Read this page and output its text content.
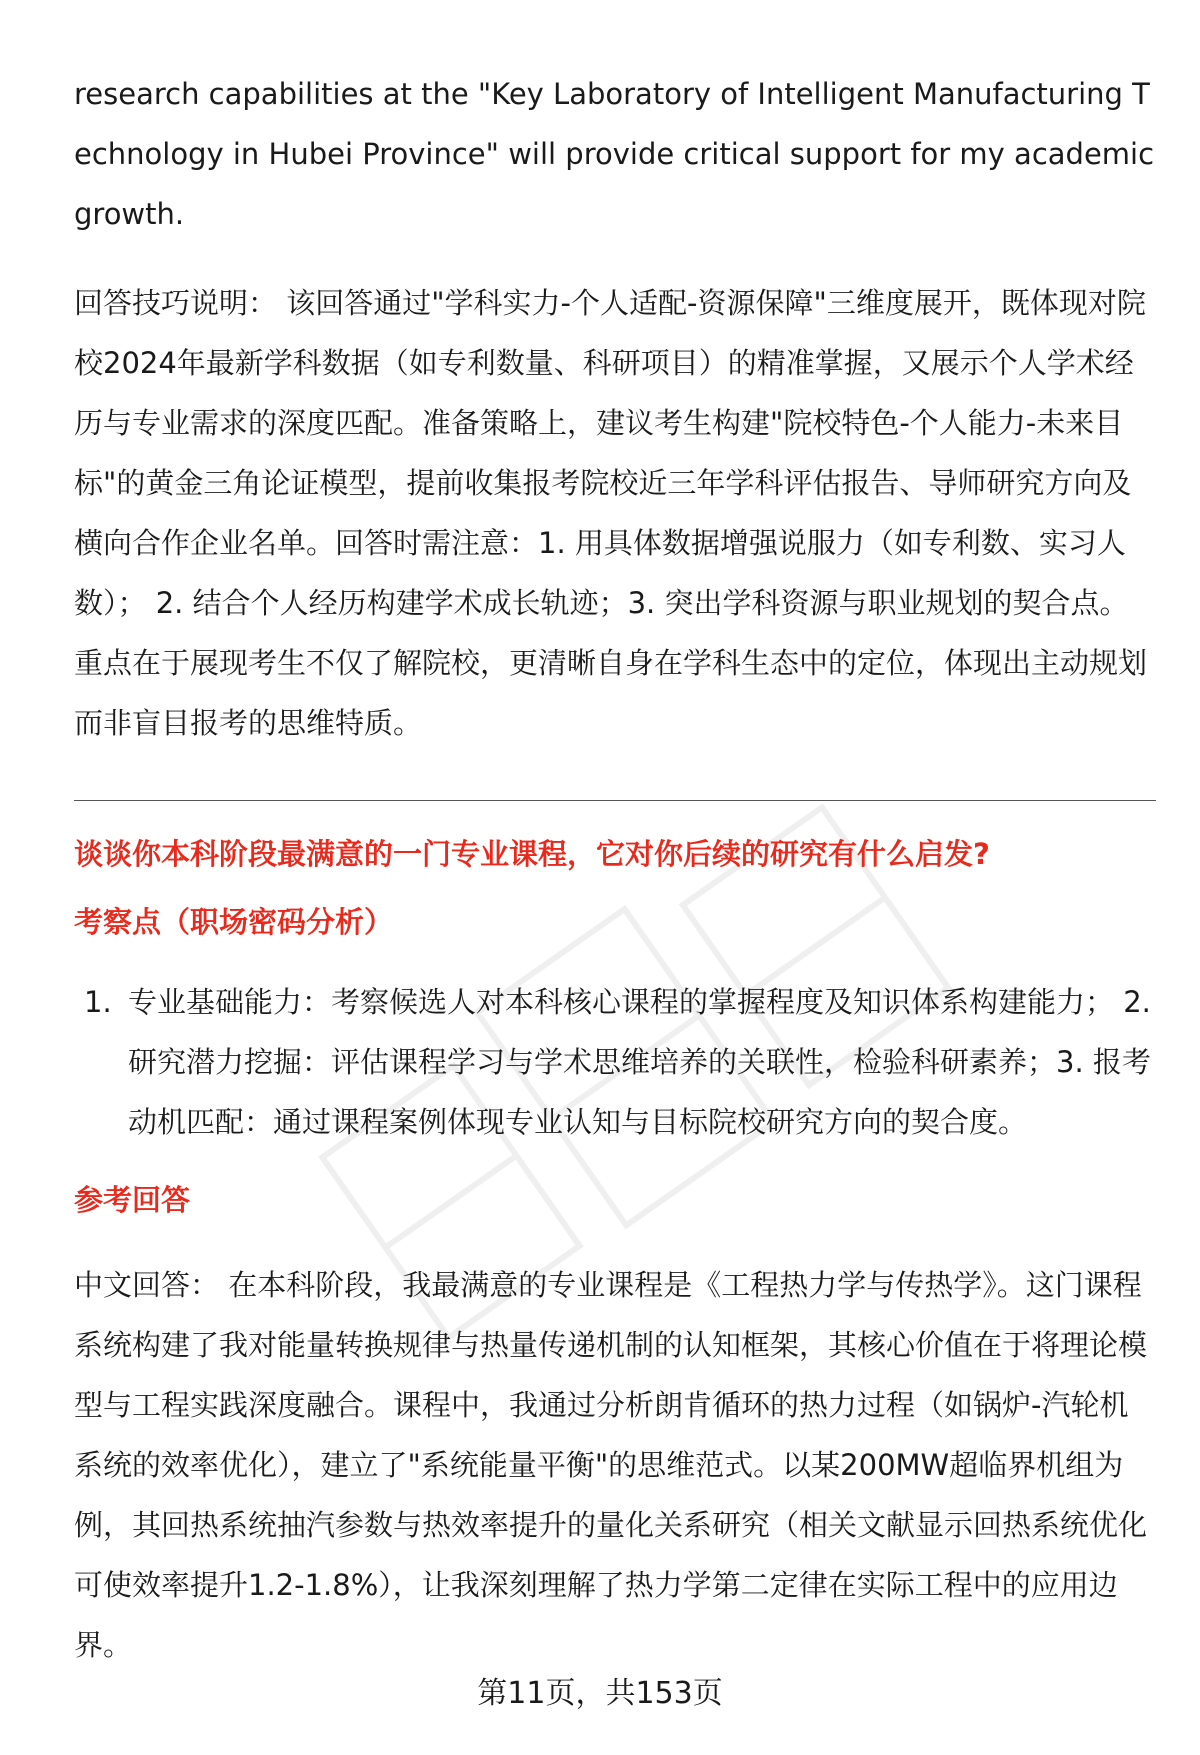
research capabilities at the "Key Laboratory of Intelligent Manufacturing Technology in Hubei Province" will provide critical support for my academic growth.

回答技巧说明： 该回答通过"学科实力-个人适配-资源保障"三维度展开，既体现对院校2024年最新学科数据（如专利数量、科研项目）的精准掌握，又展示个人学术经历与专业需求的深度匹配。准备策略上，建议考生构建"院校特色-个人能力-未来目标"的黄金三角论证模型，提前收集报考院校近三年学科评估报告、导师研究方向及横向合作企业名单。回答时需注意：1. 用具体数据增强说服力（如专利数、实习人数）； 2. 结合个人经历构建学术成长轨迹；3. 突出学科资源与职业规划的契合点。重点在于展现考生不仅了解院校，更清晰自身在学科生态中的定位，体现出主动规划而非盲目报考的思维特质。

谈谈你本科阶段最满意的一门专业课程，它对你后续的研究有什么启发?
考察点（职场密码分析）
1. 专业基础能力：考察候选人对本科核心课程的掌握程度及知识体系构建能力； 2. 研究潜力挖掘：评估课程学习与学术思维培养的关联性，检验科研素养；3. 报考动机匹配：通过课程案例体现专业认知与目标院校研究方向的契合度。
参考回答

中文回答： 在本科阶段，我最满意的专业课程是《工程热力学与传热学》。这门课程系统构建了我对能量转换规律与热量传递机制的认知框架，其核心价值在于将理论模型与工程实践深度融合。课程中，我通过分析朗肯循环的热力过程（如锅炉-汽轮机系统的效率优化），建立了"系统能量平衡"的思维范式。以某200MW超临界机组为例，其回热系统抽汽参数与热效率提升的量化关系研究（相关文献显示回热系统优化可使效率提升1.2-1.8%），让我深刻理解了热力学第二定律在实际工程中的应用边界。

第11页，共153页
